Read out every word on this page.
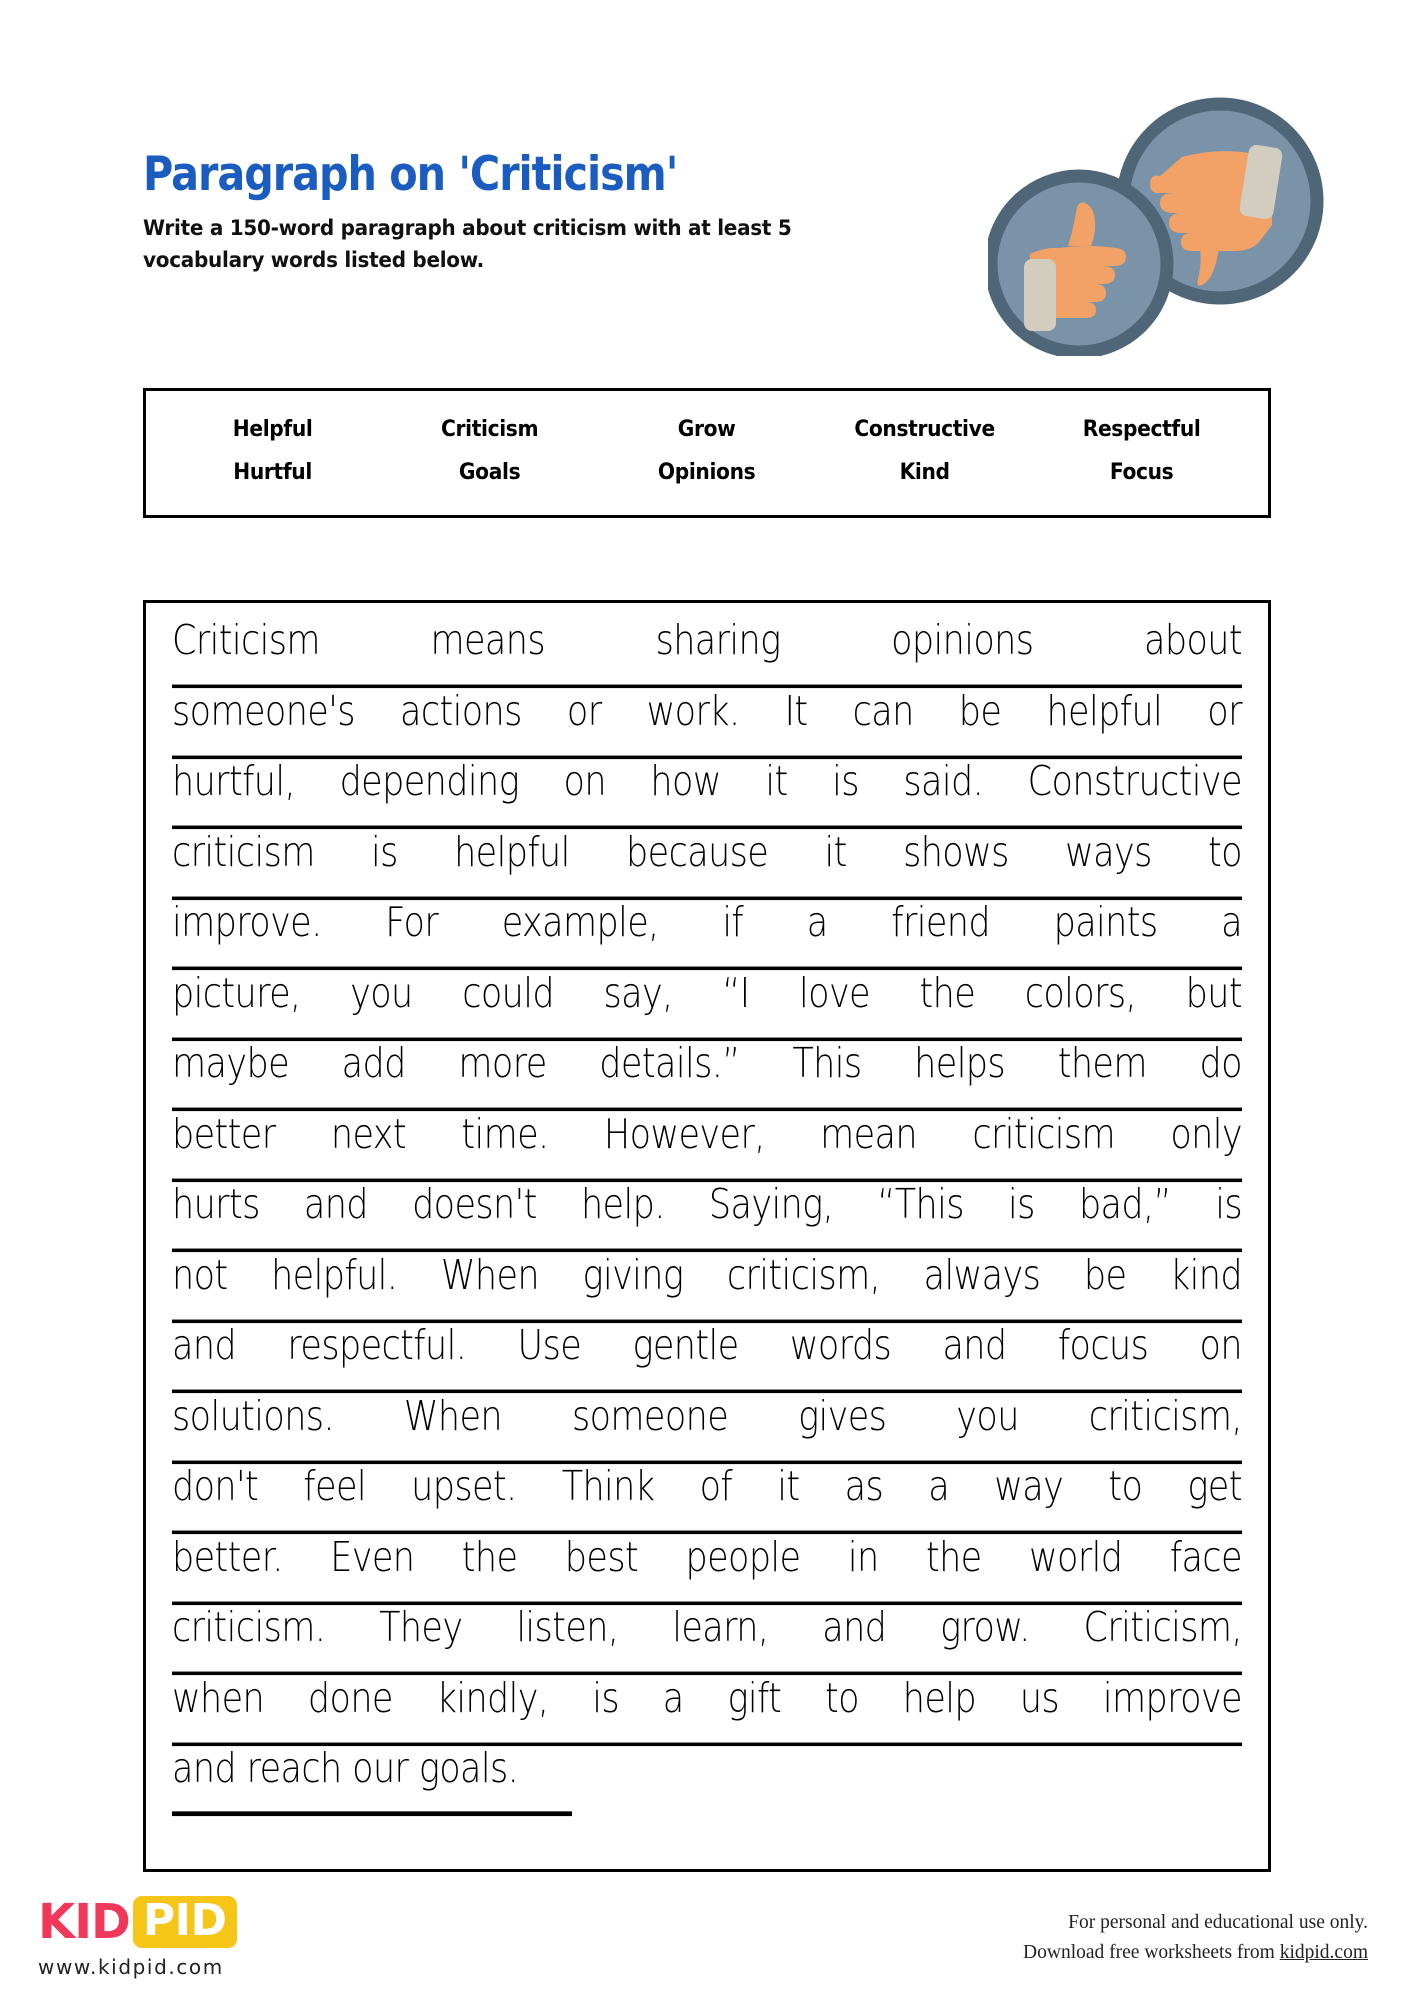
Paragraph on 'Criticism'

Write a 150-word paragraph about criticism with at least 5 vocabulary words listed below.

Helpful	Criticism	Grow	Constructive	Respectful
Hurtful	Goals	Opinions	Kind	Focus
Criticism	means	sharing	opinions	about
someone's actions or work. It can be helpful or
hurtful, depending on how it is said. Constructive
criticism is helpful because it shows ways to
improve. For example, if a friend paints a
picture, you could say, “I love the colors, but
maybe add more details.” This helps them do
better next time. However, mean criticism only
hurts and doesn't help. Saying, “This is bad,” is
not helpful. When giving criticism, always be kind
and respectful. Use gentle words and focus on
solutions. When someone gives you criticism,
don't feel upset. Think of it as a way to get
better. Even the best people in the world face
criticism. They listen, learn, and grow. Criticism,
when done kindly, is a gift to help us improve
and reach our goals.
KID PID
www.kidpid.com
For personal and educational use only.
Download free worksheets from kidpid.com
